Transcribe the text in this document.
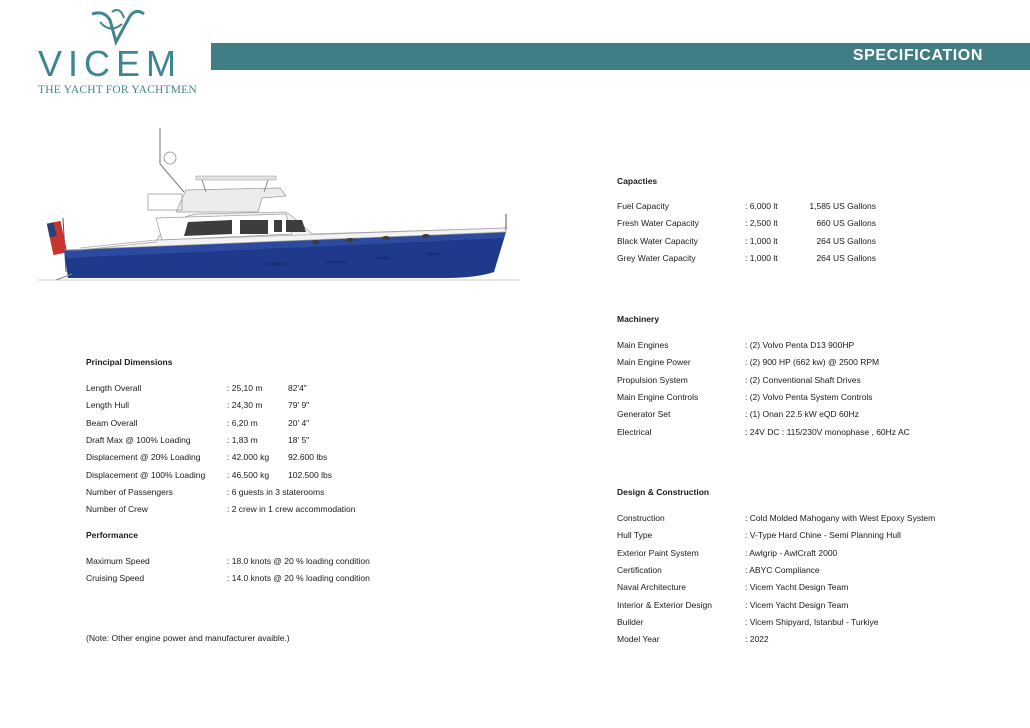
VICEM
THE YACHT FOR YACHTMEN
SPECIFICATION
Principal Dimensions
Length Overall	: 25,10 m	82'4"
Length Hull	: 24,30 m	79' 9"
Beam Overall	: 6,20 m	20' 4"
Draft Max @ 100% Loading	: 1,83 m	18' 5"
Displacement @ 20% Loading	: 42.000 kg 92.600 lbs
Displacement @ 100% Loading	: 46.500 kg 102.500 lbs
Number of Passengers	: 6 guests in 3 staterooms
Number of Crew	: 2 crew in 1 crew accommodation
Performance
Maximum Speed	: 18.0 knots @ 20 % loading condition
Cruising Speed	: 14.0 knots @ 20 % loading condition
(Note: Other engine power and manufacturer avaible.)
Capacties
Fuel Capacity	: 6,000 lt	1,585 US Gallons
Fresh Water Capacity	: 2,500 lt	660 US Gallons
Black Water Capacity	: 1,000 lt	264 US Gallons
Grey Water Capacity	: 1,000 lt	264 US Gallons
Machinery
Main Engines	: (2) Volvo Penta D13 900HP
Main Engine Power	: (2) 900 HP (662 kw) @ 2500 RPM
Propulsion System	: (2) Conventional Shaft Drives
Main Engine Controls	: (2) Volvo Penta System Controls
Generator Set	: (1) Onan 22.5 kW eQD 60Hz
Electrical	: 24V DC : 115/230V monophase , 60Hz AC
Design & Construction
Construction	: Cold Molded Mahogany with West Epoxy System
Hull Type	: V-Type Hard Chine - Semi Planning Hull
Exterior Paint System	: Awlgrip - AwlCraft 2000
Certification	: ABYC Compliance
Naval Architecture	: Vicem Yacht Design Team
Interior & Exterior Design	: Vicem Yacht Design Team
Builder	: Vicem Shipyard, Istanbul - Turkiye
Model Year	: 2022
